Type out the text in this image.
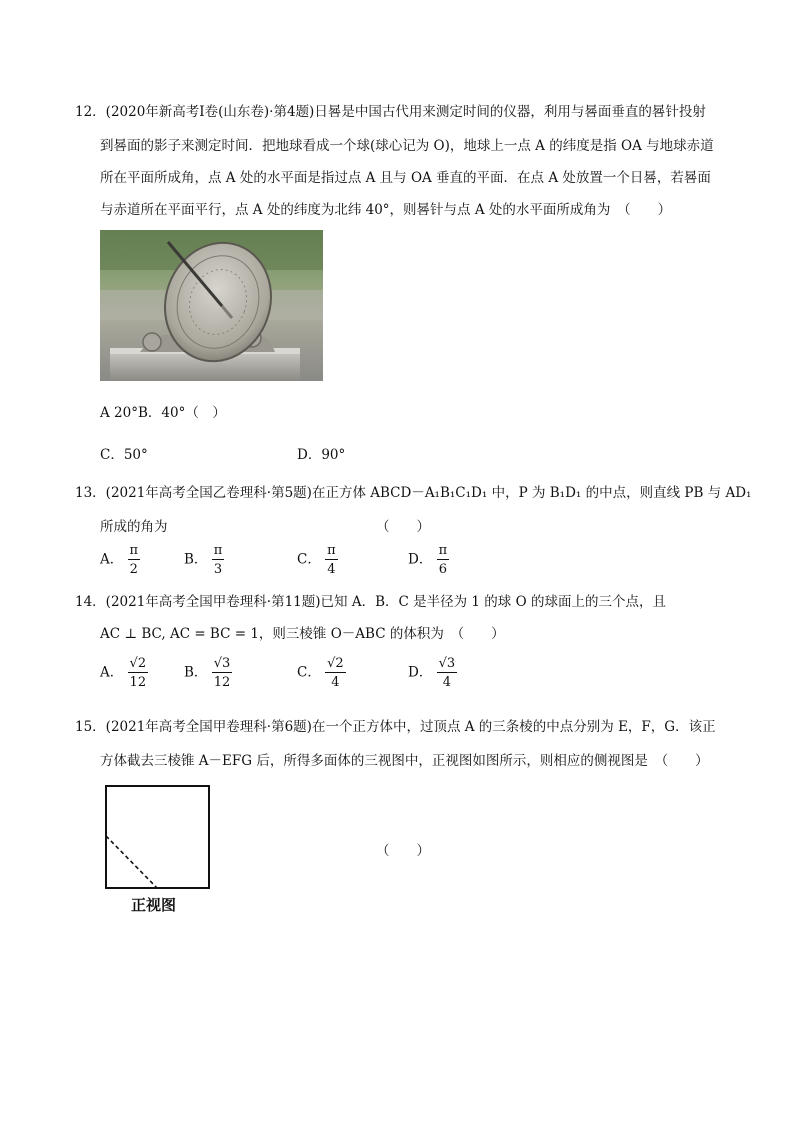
12．(2020年新高考Ⅰ卷(山东卷)·第4题)日晷是中国古代用来测定时间的仪器，利用与晷面垂直的晷针投射
到晷面的影子来测定时间．把地球看成一个球(球心记为 O)，地球上一点 A 的纬度是指 OA 与地球赤道
所在平面所成角，点 A 处的水平面是指过点 A 且与 OA 垂直的平面．在点 A 处放置一个日晷，若晷面
与赤道所在平面平行，点 A 处的纬度为北纬 40°，则晷针与点 A 处的水平面所成角为　（　　）
A 20°B．40°（　）
C．50°	D．90°
13．(2021年高考全国乙卷理科·第5题)在正方体 ABCD－A₁B₁C₁D₁ 中，P 为 B₁D₁ 的中点，则直线 PB 与 AD₁
所成的角为	（　　）
A． $\frac{\pi}{2}$	B． $\frac{\pi}{3}$	C． $\frac{\pi}{4}$	D． $\frac{\pi}{6}$
14．(2021年高考全国甲卷理科·第11题)已知 A．B．C 是半径为 1 的球 O 的球面上的三个点，且
AC ⊥ BC, AC = BC = 1，则三棱锥 O－ABC 的体积为　（　　）
A． $\frac{√2}{12}$	B． $\frac{√3}{12}$	C． $\frac{√2}{4}$	D． $\frac{√3}{4}$
15．(2021年高考全国甲卷理科·第6题)在一个正方体中，过顶点 A 的三条棱的中点分别为 E，F，G．该正
方体截去三棱锥 A－EFG 后，所得多面体的三视图中，正视图如图所示，则相应的侧视图是　（　　）
正视图
（　　）
